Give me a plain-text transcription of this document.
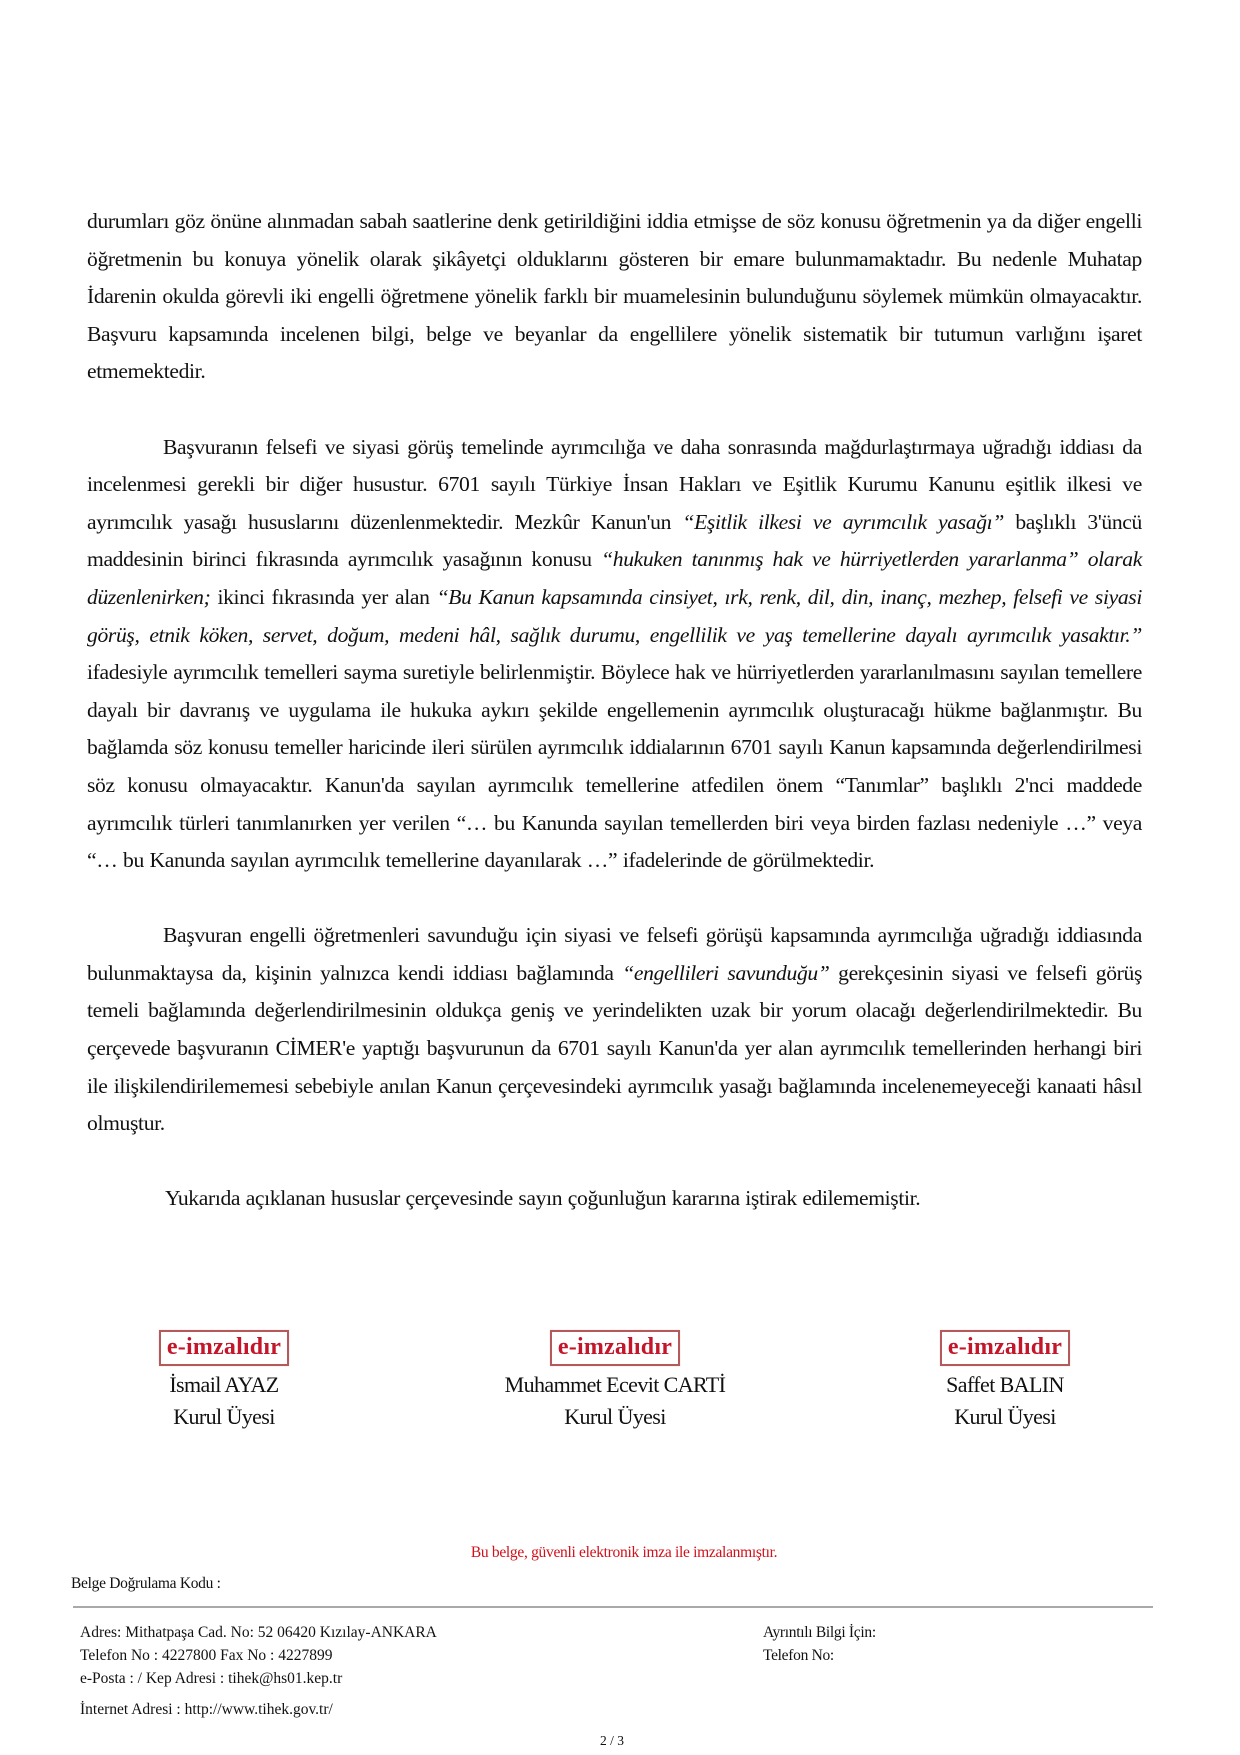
durumları göz önüne alınmadan sabah saatlerine denk getirildiğini iddia etmişse de söz konusu öğretmenin ya da diğer engelli öğretmenin bu konuya yönelik olarak şikâyetçi olduklarını gösteren bir emare bulunmamaktadır. Bu nedenle Muhatap İdarenin okulda görevli iki engelli öğretmene yönelik farklı bir muamelesinin bulunduğunu söylemek mümkün olmayacaktır. Başvuru kapsamında incelenen bilgi, belge ve beyanlar da engellilere yönelik sistematik bir tutumun varlığını işaret etmemektedir.

Başvuranın felsefi ve siyasi görüş temelinde ayrımcılığa ve daha sonrasında mağdurlaştırmaya uğradığı iddiası da incelenmesi gerekli bir diğer husustur. 6701 sayılı Türkiye İnsan Hakları ve Eşitlik Kurumu Kanunu eşitlik ilkesi ve ayrımcılık yasağı hususlarını düzenlenmektedir. Mezkûr Kanun'un “Eşitlik ilkesi ve ayrımcılık yasağı” başlıklı 3'üncü maddesinin birinci fıkrasında ayrımcılık yasağının konusu “hukuken tanınmış hak ve hürriyetlerden yararlanma” olarak düzenlenirken; ikinci fıkrasında yer alan “Bu Kanun kapsamında cinsiyet, ırk, renk, dil, din, inanç, mezhep, felsefi ve siyasi görüş, etnik köken, servet, doğum, medeni hâl, sağlık durumu, engellilik ve yaş temellerine dayalı ayrımcılık yasaktır.” ifadesiyle ayrımcılık temelleri sayma suretiyle belirlenmiştir. Böylece hak ve hürriyetlerden yararlanılmasını sayılan temellere dayalı bir davranış ve uygulama ile hukuka aykırı şekilde engellemenin ayrımcılık oluşturacağı hükme bağlanmıştır. Bu bağlamda söz konusu temeller haricinde ileri sürülen ayrımcılık iddialarının 6701 sayılı Kanun kapsamında değerlendirilmesi söz konusu olmayacaktır. Kanun'da sayılan ayrımcılık temellerine atfedilen önem “Tanımlar” başlıklı 2'nci maddede ayrımcılık türleri tanımlanırken yer verilen “… bu Kanunda sayılan temellerden biri veya birden fazlası nedeniyle …” veya “… bu Kanunda sayılan ayrımcılık temellerine dayanılarak …” ifadelerinde de görülmektedir.

Başvuran engelli öğretmenleri savunduğu için siyasi ve felsefi görüşü kapsamında ayrımcılığa uğradığı iddiasında bulunmaktaysa da, kişinin yalnızca kendi iddiası bağlamında “engellileri savunduğu” gerekçesinin siyasi ve felsefi görüş temeli bağlamında değerlendirilmesinin oldukça geniş ve yerindelikten uzak bir yorum olacağı değerlendirilmektedir. Bu çerçevede başvuranın CİMER'e yaptığı başvurunun da 6701 sayılı Kanun'da yer alan ayrımcılık temellerinden herhangi biri ile ilişkilendirilememesi sebebiyle anılan Kanun çerçevesindeki ayrımcılık yasağı bağlamında incelenemeyeceği kanaati hâsıl olmuştur.

Yukarıda açıklanan hususlar çerçevesinde sayın çoğunluğun kararına iştirak edilememiştir.

e-imzalıdır
İsmail AYAZ
Kurul Üyesi
e-imzalıdır
Muhammet Ecevit CARTİ
Kurul Üyesi
e-imzalıdır
Saffet BALIN
Kurul Üyesi
Bu belge, güvenli elektronik imza ile imzalanmıştır.
Belge Doğrulama Kodu :
Adres: Mithatpaşa Cad. No: 52 06420 Kızılay-ANKARA
Telefon No : 4227800 Fax No : 4227899
e-Posta : / Kep Adresi : tihek@hs01.kep.tr
İnternet Adresi : http://www.tihek.gov.tr/
Ayrıntılı Bilgi İçin:
Telefon No:
2 / 3
